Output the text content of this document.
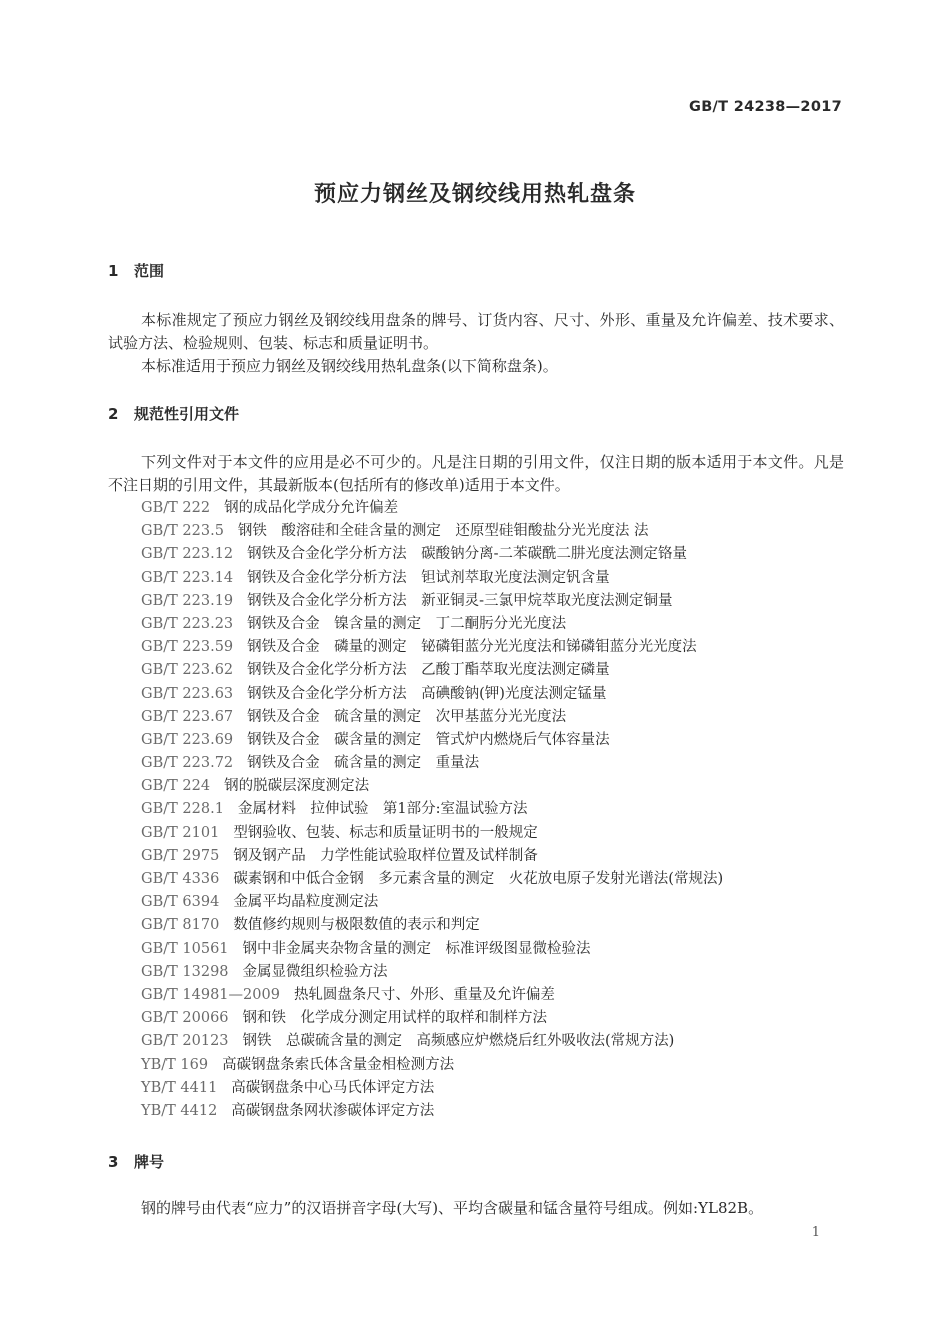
GB/T 24238—2017
预应力钢丝及钢绞线用热轧盘条
1 范围
本标准规定了预应力钢丝及钢绞线用盘条的牌号、订货内容、尺寸、外形、重量及允许偏差、技术要求、试验方法、检验规则、包装、标志和质量证明书。
本标准适用于预应力钢丝及钢绞线用热轧盘条(以下简称盘条)。
2 规范性引用文件
下列文件对于本文件的应用是必不可少的。凡是注日期的引用文件，仅注日期的版本适用于本文件。凡是不注日期的引用文件，其最新版本(包括所有的修改单)适用于本文件。
GB/T 222 钢的成品化学成分允许偏差
GB/T 223.5 钢铁　酸溶硅和全硅含量的测定　还原型硅钼酸盐分光光度法 法
GB/T 223.12 钢铁及合金化学分析方法　碳酸钠分离-二苯碳酰二肼光度法测定铬量
GB/T 223.14 钢铁及合金化学分析方法　钽试剂萃取光度法测定钒含量
GB/T 223.19 钢铁及合金化学分析方法　新亚铜灵-三氯甲烷萃取光度法测定铜量
GB/T 223.23 钢铁及合金　镍含量的测定　丁二酮肟分光光度法
GB/T 223.59 钢铁及合金　磷量的测定　铋磷钼蓝分光光度法和锑磷钼蓝分光光度法
GB/T 223.62 钢铁及合金化学分析方法　乙酸丁酯萃取光度法测定磷量
GB/T 223.63 钢铁及合金化学分析方法　高碘酸钠(钾)光度法测定锰量
GB/T 223.67 钢铁及合金　硫含量的测定　次甲基蓝分光光度法
GB/T 223.69 钢铁及合金　碳含量的测定　管式炉内燃烧后气体容量法
GB/T 223.72 钢铁及合金　硫含量的测定　重量法
GB/T 224 钢的脱碳层深度测定法
GB/T 228.1 金属材料　拉伸试验　第1部分:室温试验方法
GB/T 2101 型钢验收、包装、标志和质量证明书的一般规定
GB/T 2975 钢及钢产品　力学性能试验取样位置及试样制备
GB/T 4336 碳素钢和中低合金钢　多元素含量的测定　火花放电原子发射光谱法(常规法)
GB/T 6394 金属平均晶粒度测定法
GB/T 8170 数值修约规则与极限数值的表示和判定
GB/T 10561 钢中非金属夹杂物含量的测定　标准评级图显微检验法
GB/T 13298 金属显微组织检验方法
GB/T 14981—2009 热轧圆盘条尺寸、外形、重量及允许偏差
GB/T 20066 钢和铁　化学成分测定用试样的取样和制样方法
GB/T 20123 钢铁　总碳硫含量的测定　高频感应炉燃烧后红外吸收法(常规方法)
YB/T 169 高碳钢盘条索氏体含量金相检测方法
YB/T 4411 高碳钢盘条中心马氏体评定方法
YB/T 4412 高碳钢盘条网状渗碳体评定方法
3 牌号
钢的牌号由代表“应力”的汉语拼音字母(大写)、平均含碳量和锰含量符号组成。例如:YL82B。
1
